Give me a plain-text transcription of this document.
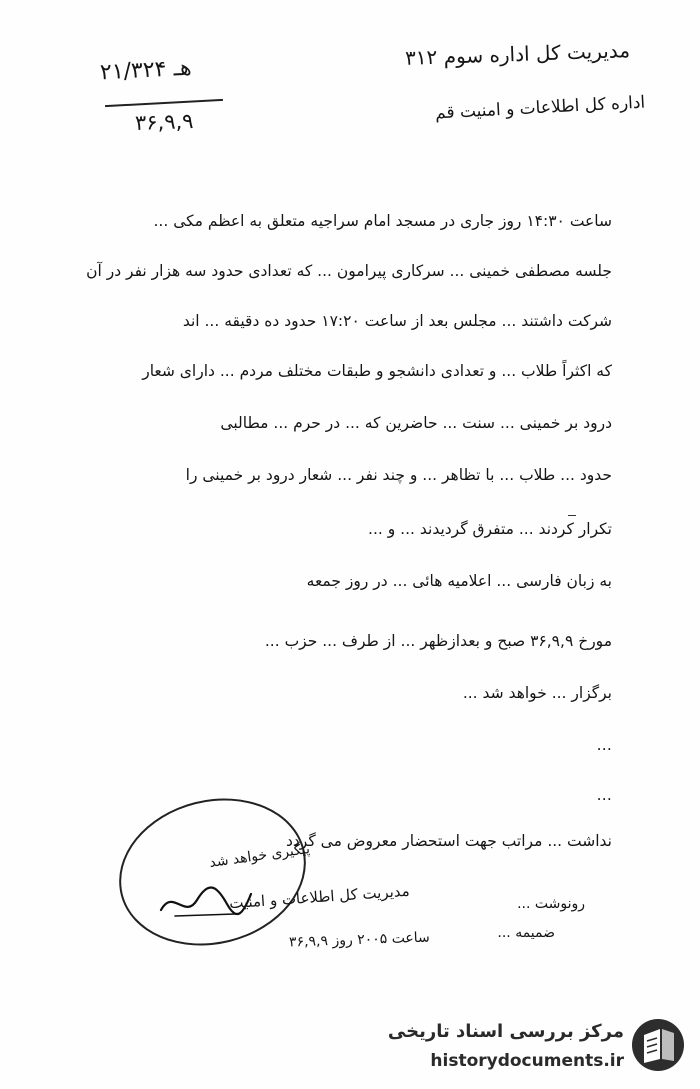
مدیریت کل اداره سوم ۳۱۲
اداره کل اطلاعات و امنیت قم
۲۱/۳۲۴ هـ
۳۶,۹,۹
ساعت ۱۴:۳۰ روز جاری در مسجد امام سراجیه متعلق به اعظم مکی ...
جلسه مصطفی خمینی ... سرکاری پیرامون ... که تعدادی حدود سه هزار نفر در آن
شرکت داشتند ... مجلس بعد از ساعت ۱۷:۲۰ حدود ده دقیقه ... اند
که اکثراً طلاب ... و تعدادی دانشجو و طبقات مختلف مردم ... دارای شعار
درود بر خمینی ... سنت ... حاضرین که ... در حرم ... مطالبی
حدود ... طلاب ... با تظاهر ... و چند نفر ... شعار درود بر خمینی را
تکرار کردند ... متفرق گردیدند ... و ...
به زبان فارسی ... اعلامیه هائی ... در روز جمعه
مورخ ۳۶,۹,۹ صبح و بعدازظهر ... از طرف ... حزب ...
برگزار ... خواهد شد ...
...
...
نداشت ... مراتب جهت استحضار معروض می گردد
پیگیری خواهد شد
مدیریت کل اطلاعات و امنیت	رونوشت ...
ضمیمه ...
ساعت ۲۰۰۵ روز ۳۶,۹,۹
مرکز بررسی اسناد تاریخی
historydocuments.ir
